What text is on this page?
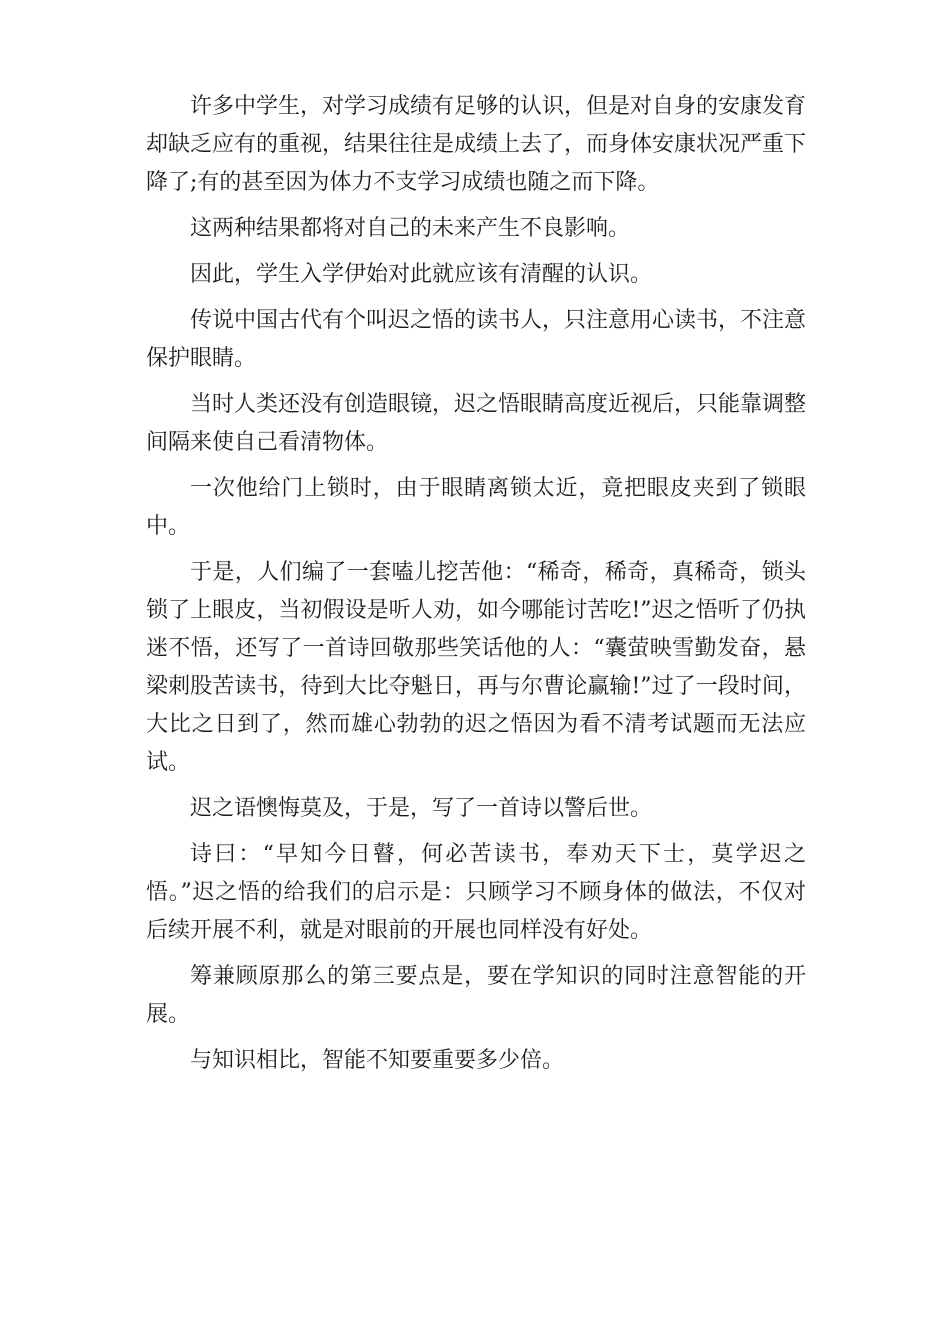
许多中学生，对学习成绩有足够的认识，但是对自身的安康发育却缺乏应有的重视，结果往往是成绩上去了，而身体安康状况严重下降了;有的甚至因为体力不支学习成绩也随之而下降。

这两种结果都将对自己的未来产生不良影响。

因此，学生入学伊始对此就应该有清醒的认识。

传说中国古代有个叫迟之悟的读书人，只注意用心读书，不注意保护眼睛。

当时人类还没有创造眼镜，迟之悟眼睛高度近视后，只能靠调整间隔来使自己看清物体。

一次他给门上锁时，由于眼睛离锁太近，竟把眼皮夹到了锁眼中。

于是，人们编了一套嗑儿挖苦他：“稀奇，稀奇，真稀奇，锁头锁了上眼皮，当初假设是听人劝，如今哪能讨苦吃!”迟之悟听了仍执迷不悟，还写了一首诗回敬那些笑话他的人：“囊萤映雪勤发奋，悬梁刺股苦读书，待到大比夺魁日，再与尔曹论赢输!”过了一段时间，大比之日到了，然而雄心勃勃的迟之悟因为看不清考试题而无法应试。

迟之语懊悔莫及，于是，写了一首诗以警后世。

诗曰：“早知今日瞽，何必苦读书，奉劝天下士，莫学迟之悟。”迟之悟的给我们的启示是：只顾学习不顾身体的做法，不仅对后续开展不利，就是对眼前的开展也同样没有好处。

筹兼顾原那么的第三要点是，要在学知识的同时注意智能的开展。

与知识相比，智能不知要重要多少倍。
